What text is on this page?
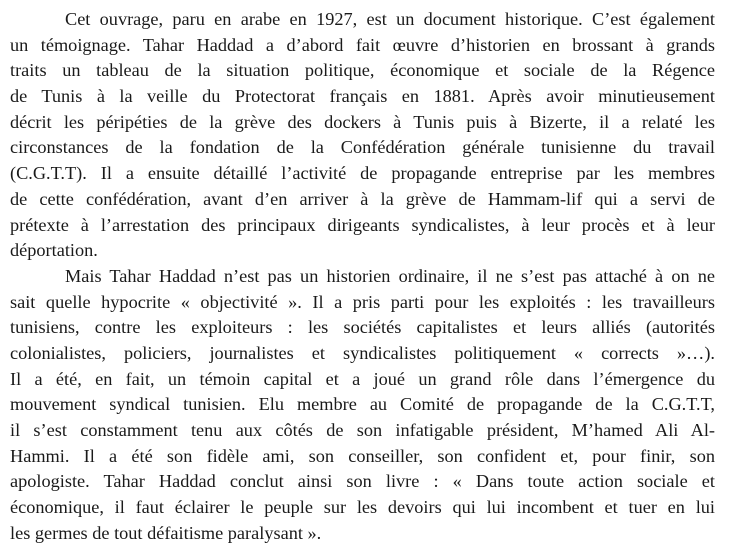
Cet ouvrage, paru en arabe en 1927, est un document historique. C’est également
un témoignage. Tahar Haddad a d’abord fait œuvre d’historien en brossant à grands
traits un tableau de la situation politique, économique et sociale de la Régence
de Tunis à la veille du Protectorat français en 1881. Après avoir minutieusement
décrit les péripéties de la grève des dockers à Tunis puis à Bizerte, il a relaté les
circonstances de la fondation de la Confédération générale tunisienne du travail
(C.G.T.T). Il a ensuite détaillé l’activité de propagande entreprise par les membres
de cette confédération, avant d’en arriver à la grève de Hammam-lif qui a servi de
prétexte à l’arrestation des principaux dirigeants syndicalistes, à leur procès et à leur
déportation.
Mais Tahar Haddad n’est pas un historien ordinaire, il ne s’est pas attaché à on ne
sait quelle hypocrite « objectivité ». Il a pris parti pour les exploités : les travailleurs
tunisiens, contre les exploiteurs : les sociétés capitalistes et leurs alliés (autorités
colonialistes, policiers, journalistes et syndicalistes politiquement « corrects »…).
Il a été, en fait, un témoin capital et a joué un grand rôle dans l’émergence du
mouvement syndical tunisien. Elu membre au Comité de propagande de la C.G.T.T,
il s’est constamment tenu aux côtés de son infatigable président, M’hamed Ali Al-
Hammi. Il a été son fidèle ami, son conseiller, son confident et, pour finir, son
apologiste. Tahar Haddad conclut ainsi son livre : « Dans toute action sociale et
économique, il faut éclairer le peuple sur les devoirs qui lui incombent et tuer en lui
les germes de tout défaitisme paralysant ».
